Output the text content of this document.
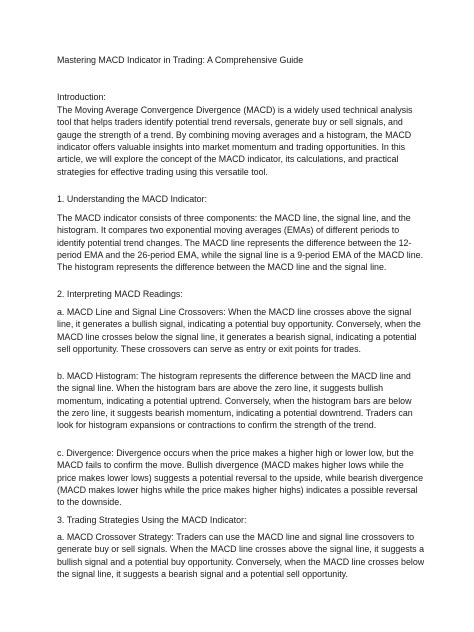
Mastering MACD Indicator in Trading: A Comprehensive Guide

Introduction:

The Moving Average Convergence Divergence (MACD) is a widely used technical analysis tool that helps traders identify potential trend reversals, generate buy or sell signals, and gauge the strength of a trend. By combining moving averages and a histogram, the MACD indicator offers valuable insights into market momentum and trading opportunities. In this article, we will explore the concept of the MACD indicator, its calculations, and practical strategies for effective trading using this versatile tool.

1. Understanding the MACD Indicator:

The MACD indicator consists of three components: the MACD line, the signal line, and the histogram. It compares two exponential moving averages (EMAs) of different periods to identify potential trend changes. The MACD line represents the difference between the 12-period EMA and the 26-period EMA, while the signal line is a 9-period EMA of the MACD line. The histogram represents the difference between the MACD line and the signal line.

2. Interpreting MACD Readings:

a. MACD Line and Signal Line Crossovers: When the MACD line crosses above the signal line, it generates a bullish signal, indicating a potential buy opportunity. Conversely, when the MACD line crosses below the signal line, it generates a bearish signal, indicating a potential sell opportunity. These crossovers can serve as entry or exit points for trades.

b. MACD Histogram: The histogram represents the difference between the MACD line and the signal line. When the histogram bars are above the zero line, it suggests bullish momentum, indicating a potential uptrend. Conversely, when the histogram bars are below the zero line, it suggests bearish momentum, indicating a potential downtrend. Traders can look for histogram expansions or contractions to confirm the strength of the trend.

c. Divergence: Divergence occurs when the price makes a higher high or lower low, but the MACD fails to confirm the move. Bullish divergence (MACD makes higher lows while the price makes lower lows) suggests a potential reversal to the upside, while bearish divergence (MACD makes lower highs while the price makes higher highs) indicates a possible reversal to the downside.

3. Trading Strategies Using the MACD Indicator:

a. MACD Crossover Strategy: Traders can use the MACD line and signal line crossovers to generate buy or sell signals. When the MACD line crosses above the signal line, it suggests a bullish signal and a potential buy opportunity. Conversely, when the MACD line crosses below the signal line, it suggests a bearish signal and a potential sell opportunity.
